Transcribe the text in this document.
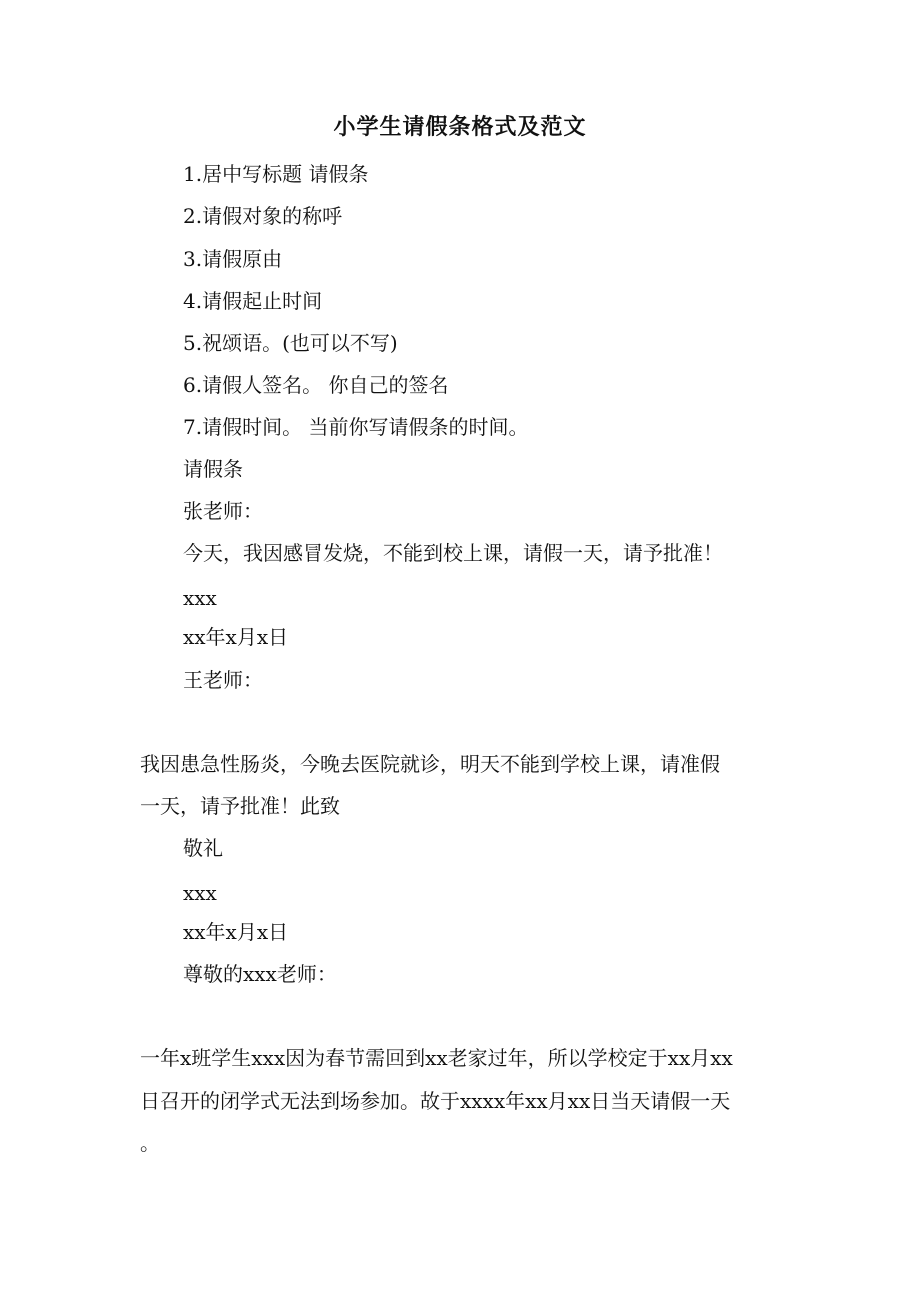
小学生请假条格式及范文
1.居中写标题 请假条
2.请假对象的称呼
3.请假原由
4.请假起止时间
5.祝颂语。(也可以不写)
6.请假人签名。 你自己的签名
7.请假时间。 当前你写请假条的时间。
请假条
张老师：
今天，我因感冒发烧，不能到校上课，请假一天，请予批准！
xxx
xx年x月x日
王老师：
我因患急性肠炎，今晚去医院就诊，明天不能到学校上课，请准假
一天，请予批准！此致
敬礼
xxx
xx年x月x日
尊敬的xxx老师：
一年x班学生xxx因为春节需回到xx老家过年，所以学校定于xx月xx
日召开的闭学式无法到场参加。故于xxxx年xx月xx日当天请假一天
。
